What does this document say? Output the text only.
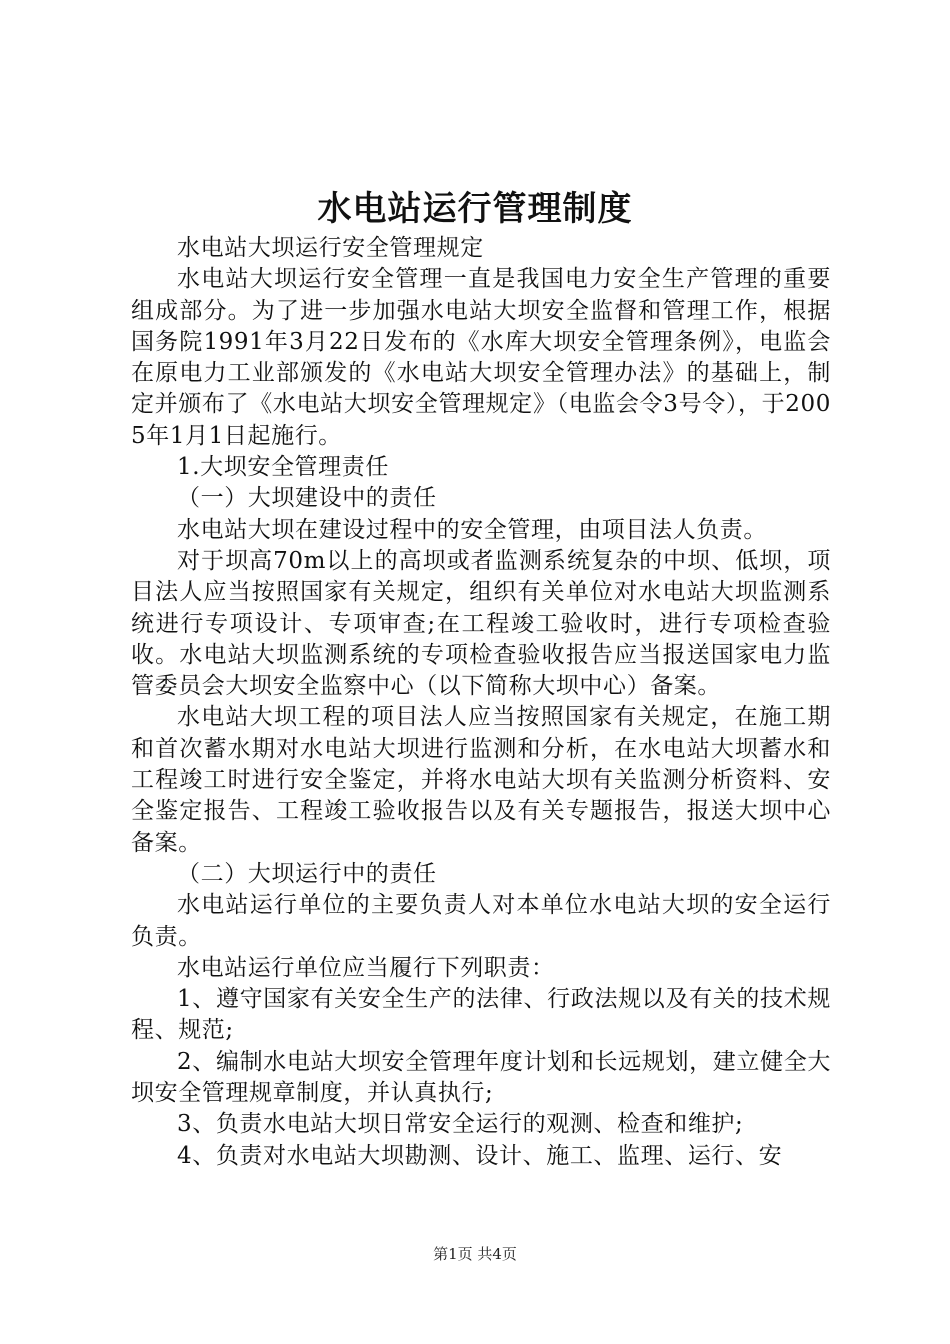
水电站运行管理制度

水电站大坝运行安全管理规定

水电站大坝运行安全管理一直是我国电力安全生产管理的重要组成部分。为了进一步加强水电站大坝安全监督和管理工作，根据国务院1991年3月22日发布的《水库大坝安全管理条例》，电监会在原电力工业部颁发的《水电站大坝安全管理办法》的基础上，制定并颁布了《水电站大坝安全管理规定》（电监会令3号令），于2005年1月1日起施行。

1.大坝安全管理责任

（一）大坝建设中的责任

水电站大坝在建设过程中的安全管理，由项目法人负责。

对于坝高70m以上的高坝或者监测系统复杂的中坝、低坝，项目法人应当按照国家有关规定，组织有关单位对水电站大坝监测系统进行专项设计、专项审查;在工程竣工验收时，进行专项检查验收。水电站大坝监测系统的专项检查验收报告应当报送国家电力监管委员会大坝安全监察中心（以下简称大坝中心）备案。

水电站大坝工程的项目法人应当按照国家有关规定，在施工期和首次蓄水期对水电站大坝进行监测和分析，在水电站大坝蓄水和工程竣工时进行安全鉴定，并将水电站大坝有关监测分析资料、安全鉴定报告、工程竣工验收报告以及有关专题报告，报送大坝中心备案。

（二）大坝运行中的责任

水电站运行单位的主要负责人对本单位水电站大坝的安全运行负责。

水电站运行单位应当履行下列职责：

1、遵守国家有关安全生产的法律、行政法规以及有关的技术规程、规范;

2、编制水电站大坝安全管理年度计划和长远规划，建立健全大坝安全管理规章制度，并认真执行;

3、负责水电站大坝日常安全运行的观测、检查和维护;

4、负责对水电站大坝勘测、设计、施工、监理、运行、安

第1页 共4页
